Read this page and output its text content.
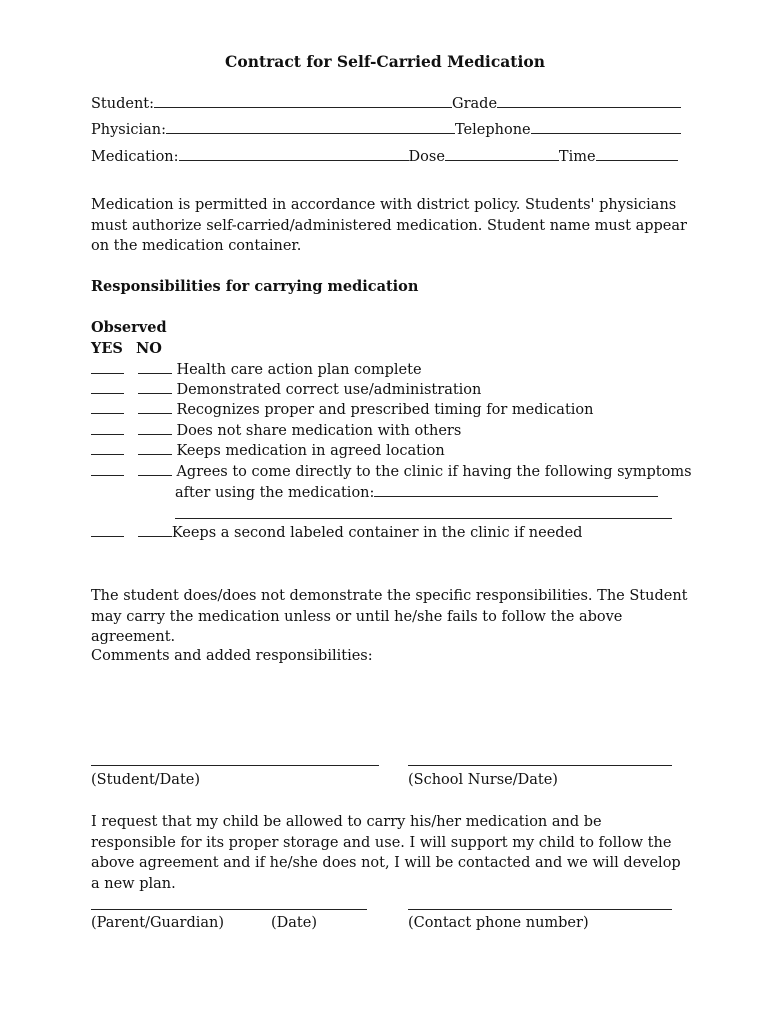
Contract for Self-Carried Medication
Student:	Grade
Physician:	Telephone
Medication:	Dose	Time
Medication is permitted in accordance with district policy. Students' physicians must authorize self-carried/administered medication. Student name must appear on the medication container.
Responsibilities for carrying medication
Observed
YES NO
Health care action plan complete
Demonstrated correct use/administration
Recognizes proper and prescribed timing for medication
Does not share medication with others
Keeps medication in agreed location
Agrees to come directly to the clinic if having the following symptoms
after using the medication:
Keeps a second labeled container in the clinic if needed
The student does/does not demonstrate the specific responsibilities. The Student may carry the medication unless or until he/she fails to follow the above agreement.
Comments and added responsibilities:
(Student/Date)	(School Nurse/Date)
I request that my child be allowed to carry his/her medication and be responsible for its proper storage and use. I will support my child to follow the above agreement and if he/she does not, I will be contacted and we will develop a new plan.
(Parent/Guardian)	(Date)	(Contact phone number)
